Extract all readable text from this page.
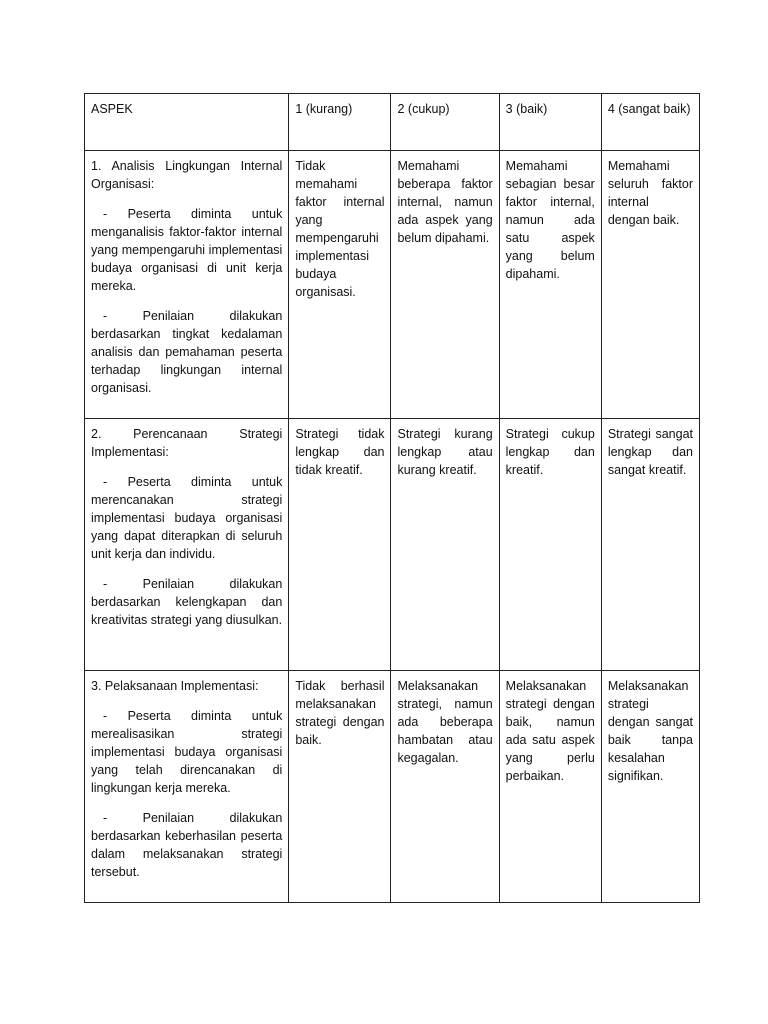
ASPEK	1 (kurang)	2 (cukup)	3 (baik)	4 (sangat baik)

1. Analisis Lingkungan Internal Organisasi:

- Peserta diminta untuk menganalisis faktor-faktor internal yang mempengaruhi implementasi budaya organisasi di unit kerja mereka.

- Penilaian dilakukan berdasarkan tingkat kedalaman analisis dan pemahaman peserta terhadap lingkungan internal organisasi.	Tidak memahami faktor internal yang mempengaruhi implementasi budaya organisasi.	Memahami beberapa faktor internal, namun ada aspek yang belum dipahami.	Memahami sebagian besar faktor internal, namun ada satu aspek yang belum dipahami.	Memahami seluruh faktor internal dengan baik.

2. Perencanaan Strategi Implementasi:

- Peserta diminta untuk merencanakan strategi implementasi budaya organisasi yang dapat diterapkan di seluruh unit kerja dan individu.

- Penilaian dilakukan berdasarkan kelengkapan dan kreativitas strategi yang diusulkan.	Strategi tidak lengkap dan tidak kreatif.	Strategi kurang lengkap atau kurang kreatif.	Strategi cukup lengkap dan kreatif.	Strategi sangat lengkap dan sangat kreatif.

3. Pelaksanaan Implementasi:

- Peserta diminta untuk merealisasikan strategi implementasi budaya organisasi yang telah direncanakan di lingkungan kerja mereka.

- Penilaian dilakukan berdasarkan keberhasilan peserta dalam melaksanakan strategi tersebut.	Tidak berhasil melaksanakan strategi dengan baik.	Melaksanakan strategi, namun ada beberapa hambatan atau kegagalan.	Melaksanakan strategi dengan baik, namun ada satu aspek yang perlu perbaikan.	Melaksanakan strategi dengan sangat baik tanpa kesalahan signifikan.
